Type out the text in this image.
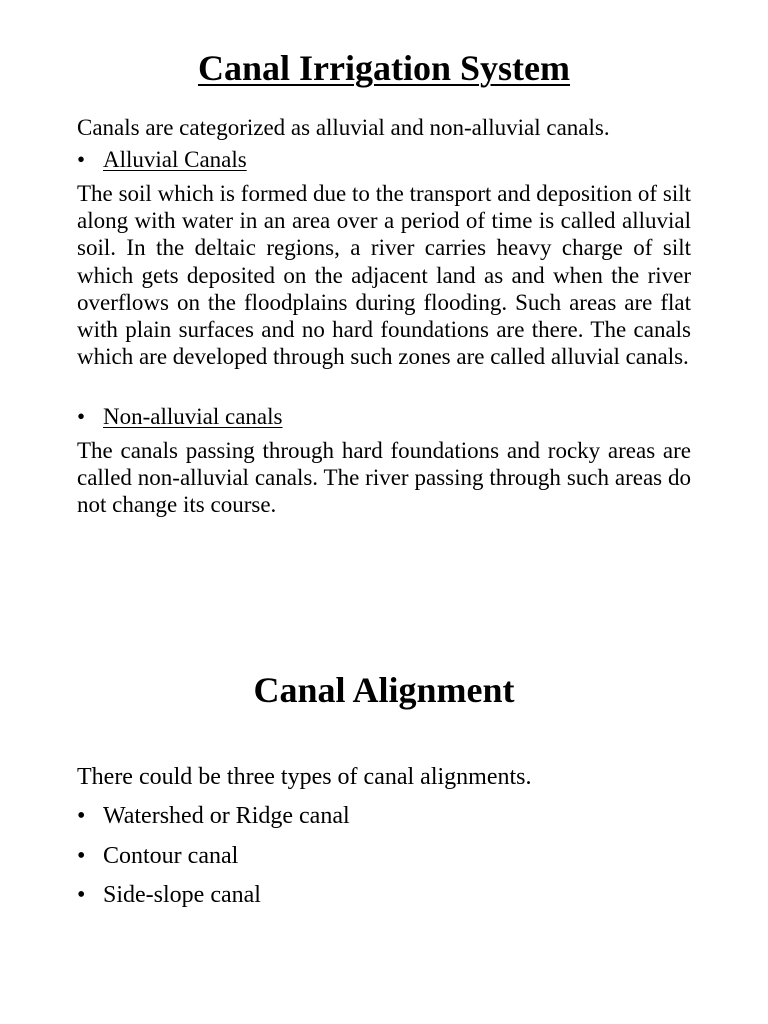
Canal Irrigation System

Canals are categorized as alluvial and non-alluvial canals.

• Alluvial Canals

The soil which is formed due to the transport and deposition of silt along with water in an area over a period of time is called alluvial soil. In the deltaic regions, a river carries heavy charge of silt which gets deposited on the adjacent land as and when the river overflows on the floodplains during flooding. Such areas are flat with plain surfaces and no hard foundations are there. The canals which are developed through such zones are called alluvial canals.

• Non-alluvial canals

The canals passing through hard foundations and rocky areas are called non-alluvial canals. The river passing through such areas do not change its course.

Canal Alignment

There could be three types of canal alignments.

• Watershed or Ridge canal

• Contour canal

• Side-slope canal
